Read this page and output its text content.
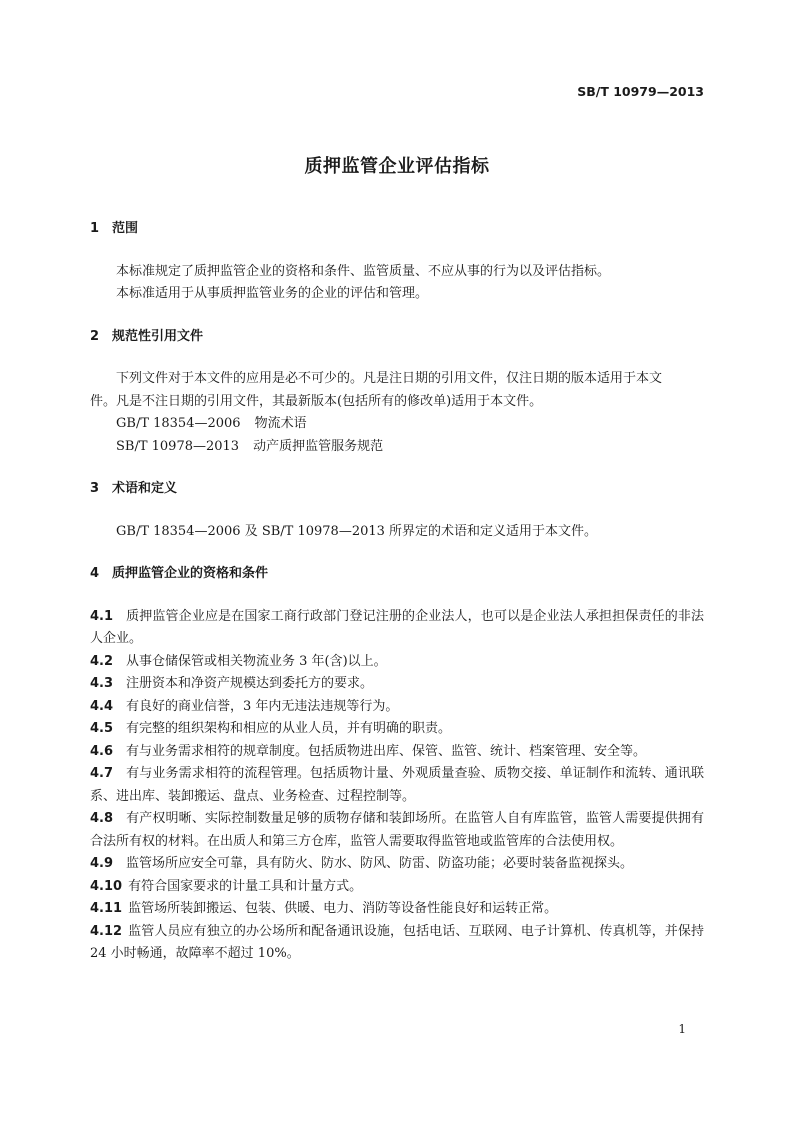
SB/T 10979—2013
质押监管企业评估指标
1 范围

本标准规定了质押监管企业的资格和条件、监管质量、不应从事的行为以及评估指标。

本标准适用于从事质押监管业务的企业的评估和管理。

2 规范性引用文件

下列文件对于本文件的应用是必不可少的。凡是注日期的引用文件，仅注日期的版本适用于本文

件。凡是不注日期的引用文件，其最新版本(包括所有的修改单)适用于本文件。

GB/T 18354—2006 物流术语

SB/T 10978—2013 动产质押监管服务规范

3 术语和定义

GB/T 18354—2006 及 SB/T 10978—2013 所界定的术语和定义适用于本文件。

4 质押监管企业的资格和条件

4.1 质押监管企业应是在国家工商行政部门登记注册的企业法人，也可以是企业法人承担担保责任的非法人企业。

4.2 从事仓储保管或相关物流业务 3 年(含)以上。

4.3 注册资本和净资产规模达到委托方的要求。

4.4 有良好的商业信誉，3 年内无违法违规等行为。

4.5 有完整的组织架构和相应的从业人员，并有明确的职责。

4.6 有与业务需求相符的规章制度。包括质物进出库、保管、监管、统计、档案管理、安全等。

4.7 有与业务需求相符的流程管理。包括质物计量、外观质量查验、质物交接、单证制作和流转、通讯联系、进出库、装卸搬运、盘点、业务检查、过程控制等。

4.8 有产权明晰、实际控制数量足够的质物存储和装卸场所。在监管人自有库监管，监管人需要提供拥有合法所有权的材料。在出质人和第三方仓库，监管人需要取得监管地或监管库的合法使用权。

4.9 监管场所应安全可靠，具有防火、防水、防风、防雷、防盗功能；必要时装备监视探头。

4.10 有符合国家要求的计量工具和计量方式。

4.11 监管场所装卸搬运、包装、供暖、电力、消防等设备性能良好和运转正常。

4.12 监管人员应有独立的办公场所和配备通讯设施，包括电话、互联网、电子计算机、传真机等，并保持 24 小时畅通，故障率不超过 10%。

1
